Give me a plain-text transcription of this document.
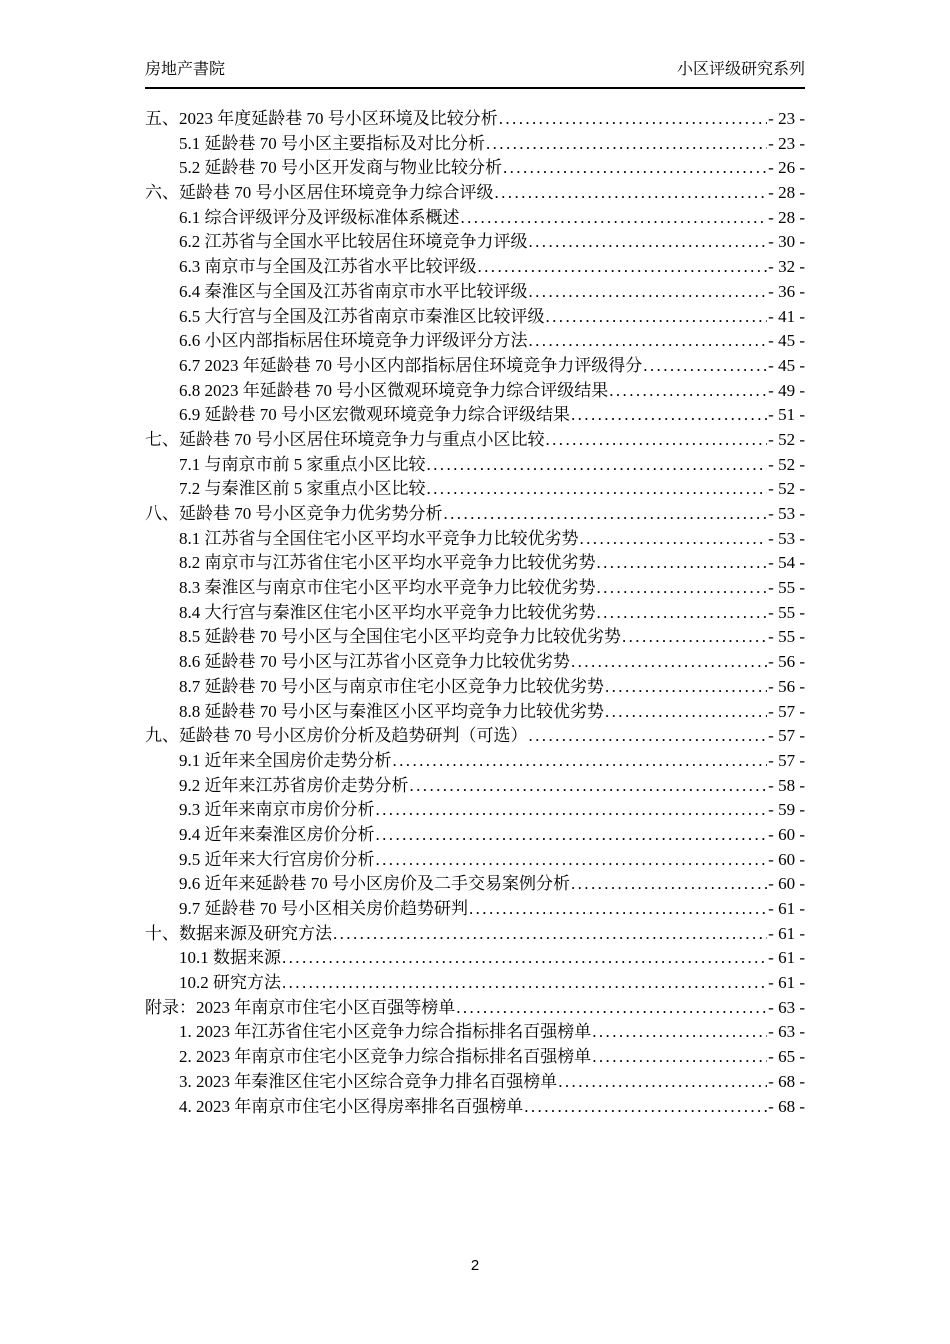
房地产書院	小区评级研究系列
五、2023 年度延龄巷 70 号小区环境及比较分析 .....	- 23 -
5.1 延龄巷 70 号小区主要指标及对比分析 .....	- 23 -
5.2 延龄巷 70 号小区开发商与物业比较分析 .....	- 26 -
六、延龄巷 70 号小区居住环境竞争力综合评级 .....	- 28 -
6.1 综合评级评分及评级标准体系概述 .....	- 28 -
6.2 江苏省与全国水平比较居住环境竞争力评级 .....	- 30 -
6.3 南京市与全国及江苏省水平比较评级 .....	- 32 -
6.4 秦淮区与全国及江苏省南京市水平比较评级 .....	- 36 -
6.5 大行宫与全国及江苏省南京市秦淮区比较评级 .....	- 41 -
6.6 小区内部指标居住环境竞争力评级评分方法 .....	- 45 -
6.7 2023 年延龄巷 70 号小区内部指标居住环境竞争力评级得分 .....	- 45 -
6.8 2023 年延龄巷 70 号小区微观环境竞争力综合评级结果 .....	- 49 -
6.9 延龄巷 70 号小区宏微观环境竞争力综合评级结果 .....	- 51 -
七、延龄巷 70 号小区居住环境竞争力与重点小区比较 .....	- 52 -
7.1 与南京市前 5 家重点小区比较 .....	- 52 -
7.2 与秦淮区前 5 家重点小区比较 .....	- 52 -
八、延龄巷 70 号小区竞争力优劣势分析 .....	- 53 -
8.1 江苏省与全国住宅小区平均水平竞争力比较优劣势 .....	- 53 -
8.2 南京市与江苏省住宅小区平均水平竞争力比较优劣势 .....	- 54 -
8.3 秦淮区与南京市住宅小区平均水平竞争力比较优劣势 .....	- 55 -
8.4 大行宫与秦淮区住宅小区平均水平竞争力比较优劣势 .....	- 55 -
8.5 延龄巷 70 号小区与全国住宅小区平均竞争力比较优劣势 .....	- 55 -
8.6 延龄巷 70 号小区与江苏省小区竞争力比较优劣势 .....	- 56 -
8.7 延龄巷 70 号小区与南京市住宅小区竞争力比较优劣势 .....	- 56 -
8.8 延龄巷 70 号小区与秦淮区小区平均竞争力比较优劣势 .....	- 57 -
九、延龄巷 70 号小区房价分析及趋势研判（可选） .....	- 57 -
9.1 近年来全国房价走势分析 .....	- 57 -
9.2 近年来江苏省房价走势分析 .....	- 58 -
9.3 近年来南京市房价分析 .....	- 59 -
9.4 近年来秦淮区房价分析 .....	- 60 -
9.5 近年来大行宫房价分析 .....	- 60 -
9.6 近年来延龄巷 70 号小区房价及二手交易案例分析 .....	- 60 -
9.7 延龄巷 70 号小区相关房价趋势研判 .....	- 61 -
十、数据来源及研究方法 .....	- 61 -
10.1 数据来源 .....	- 61 -
10.2 研究方法 .....	- 61 -
附录：2023 年南京市住宅小区百强等榜单 .....	- 63 -
1. 2023 年江苏省住宅小区竞争力综合指标排名百强榜单 .....	- 63 -
2. 2023 年南京市住宅小区竞争力综合指标排名百强榜单 .....	- 65 -
3. 2023 年秦淮区住宅小区综合竞争力排名百强榜单 .....	- 68 -
4. 2023 年南京市住宅小区得房率排名百强榜单 .....	- 68 -
2
